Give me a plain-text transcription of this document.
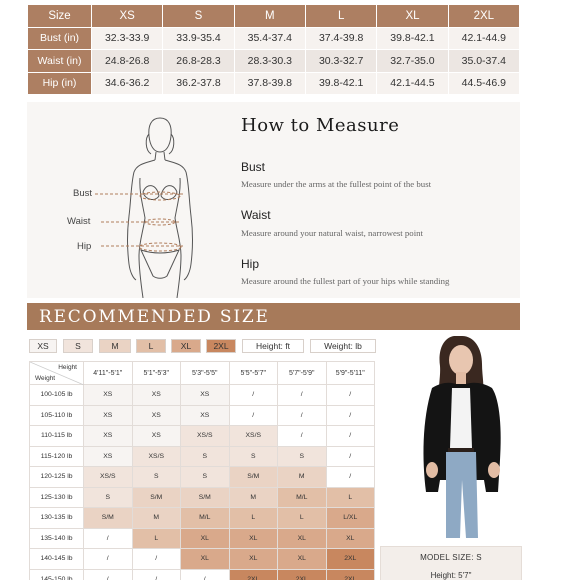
Size	XS	S	M	L	XL	2XL
Bust (in)	32.3-33.9	33.9-35.4	35.4-37.4	37.4-39.8	39.8-42.1	42.1-44.9
Waist (in)	24.8-26.8	26.8-28.3	28.3-30.3	30.3-32.7	32.7-35.0	35.0-37.4
Hip (in)	34.6-36.2	36.2-37.8	37.8-39.8	39.8-42.1	42.1-44.5	44.5-46.9
Bust
Waist
Hip
How to Measure
Bust
Measure under the arms at the fullest point of the bust
Waist
Measure around your natural waist, narrowest point
Hip
Measure around the fullest part of your hips while standing
RECOMMENDED SIZE
XS	S	M	L	XL	2XL	Height: ft	Weight: lb
Height
Weight	4'11"-5'1"	5'1"-5'3"	5'3"-5'5"	5'5"-5'7"	5'7"-5'9"	5'9"-5'11"
100-105 lb	XS	XS	XS	/	/	/
105-110 lb	XS	XS	XS	/	/	/
110-115 lb	XS	XS	XS/S	XS/S	/	/
115-120 lb	XS	XS/S	S	S	S	/
120-125 lb	XS/S	S	S	S/M	M	/
125-130 lb	S	S/M	S/M	M	M/L	L
130-135 lb	S/M	M	M/L	L	L	L/XL
135-140 lb	/	L	XL	XL	XL	XL
140-145 lb	/	/	XL	XL	XL	2XL
145-150 lb	/	/	/	2XL	2XL	2XL
MODEL SIZE: S
Height: 5'7"
